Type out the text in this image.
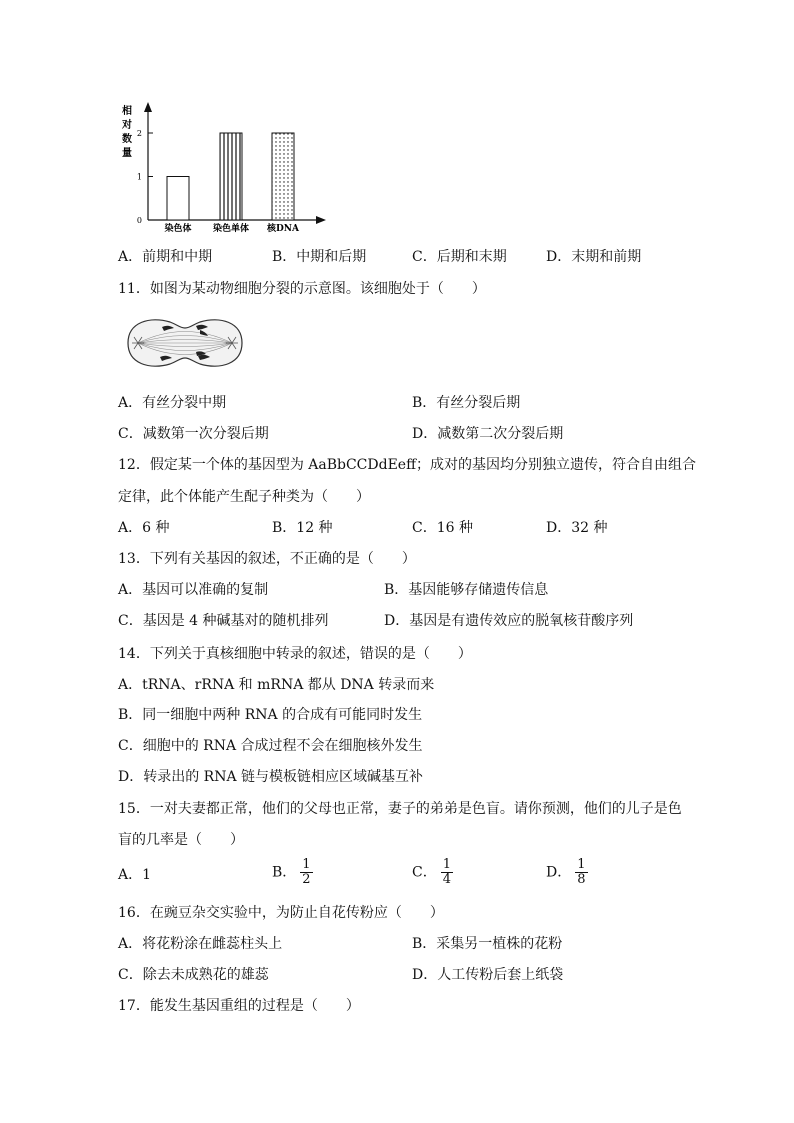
相
对
数
量
0
1
2
染色体 染色单体 核DNA
A．前期和中期	B．中期和后期	C．后期和末期	D．末期和前期
11．如图为某动物细胞分裂的示意图。该细胞处于（　　）
A．有丝分裂中期	B．有丝分裂后期
C．减数第一次分裂后期	D．减数第二次分裂后期
12．假定某一个体的基因型为 AaBbCCDdEeff；成对的基因均分别独立遗传，符合自由组合
定律，此个体能产生配子种类为（　　）
A．6 种	B．12 种	C．16 种	D．32 种
13．下列有关基因的叙述，不正确的是（　　）
A．基因可以准确的复制	B．基因能够存储遗传信息
C．基因是 4 种碱基对的随机排列	D．基因是有遗传效应的脱氧核苷酸序列
14．下列关于真核细胞中转录的叙述，错误的是（　　）
A．tRNA、rRNA 和 mRNA 都从 DNA 转录而来
B．同一细胞中两种 RNA 的合成有可能同时发生
C．细胞中的 RNA 合成过程不会在细胞核外发生
D．转录出的 RNA 链与模板链相应区域碱基互补
15．一对夫妻都正常，他们的父母也正常，妻子的弟弟是色盲。请你预测，他们的儿子是色
盲的几率是（　　）
A．1	B． $\frac{1}{2}$	C． $\frac{1}{4}$	D． $\frac{1}{8}$
16．在豌豆杂交实验中，为防止自花传粉应（　　）
A．将花粉涂在雌蕊柱头上	B．采集另一植株的花粉
C．除去未成熟花的雄蕊	D．人工传粉后套上纸袋
17．能发生基因重组的过程是（　　）
